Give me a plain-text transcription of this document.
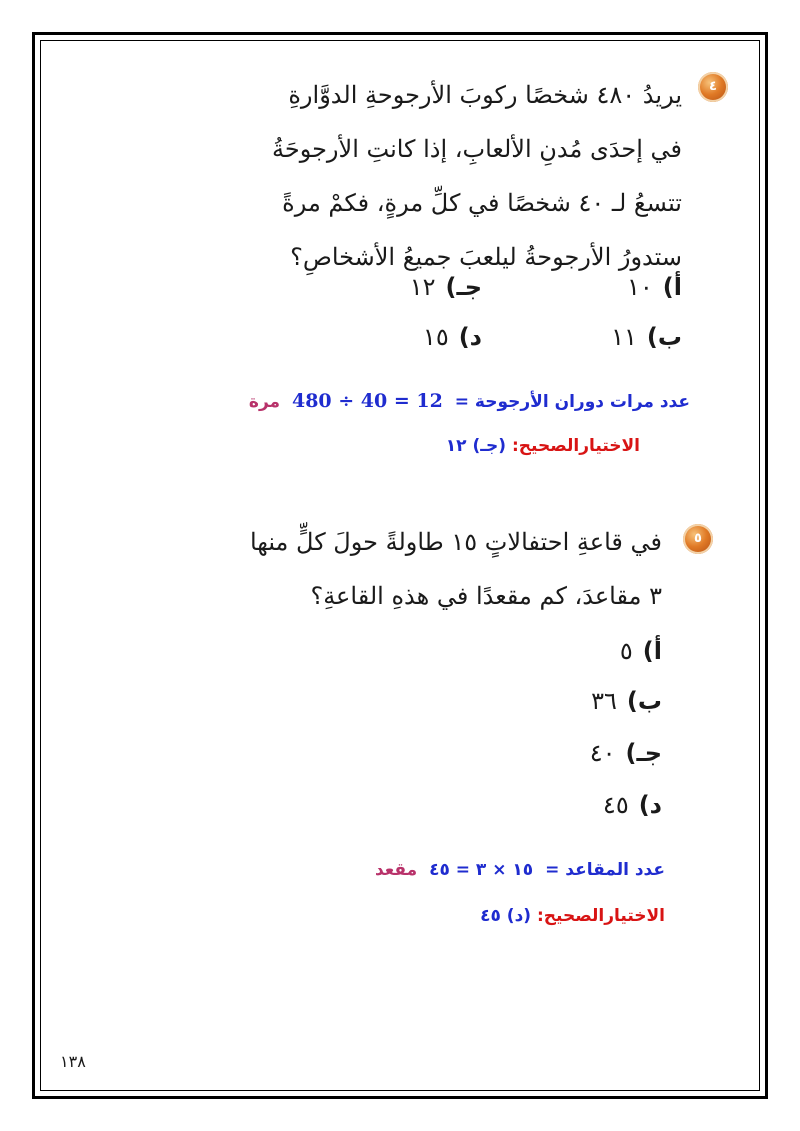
٤
يريدُ ٤٨٠ شخصًا ركوبَ الأرجوحةِ الدوَّارةِ
في إحدَى مُدنِ الألعابِ، إذا كانتِ الأرجوحَةُ
تتسعُ لـ ٤٠ شخصًا في كلِّ مرةٍ، فكمْ مرةً
ستدورُ الأرجوحةُ ليلعبَ جميعُ الأشخاصِ؟
أ)١٠
جـ)١٢
ب)١١
د)١٥
عدد مرات دوران الأرجوحة = 480 ÷ 40 = 12 مرة
الاختيارالصحيح: (جـ) ١٢
٥
في قاعةِ احتفالاتٍ ١٥ طاولةً حولَ كلٍّ منها
٣ مقاعدَ، كم مقعدًا في هذهِ القاعةِ؟
أ)٥
ب)٣٦
جـ)٤٠
د)٤٥
عدد المقاعد = ١٥ × ٣ = ٤٥ مقعد
الاختيارالصحيح: (د) ٤٥
١٣٨
